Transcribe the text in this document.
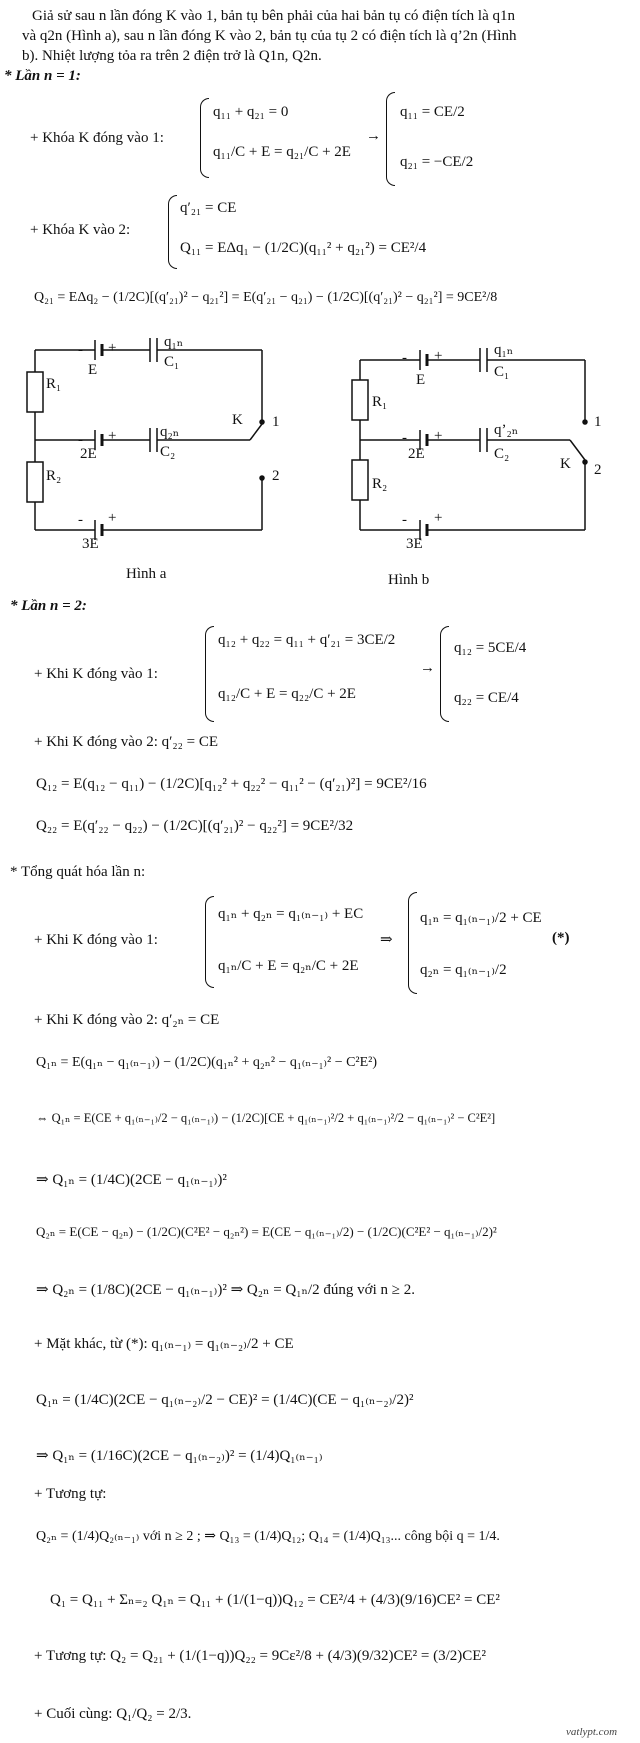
Giả sử sau n lần đóng K vào 1, bản tụ bên phải của hai bản tụ có điện tích là q1n
và q2n (Hình a), sau n lần đóng K vào 2, bản tụ của tụ 2 có điện tích là q’2n (Hình
b). Nhiệt lượng tỏa ra trên 2 điện trở là Q1n, Q2n.
* Lần n = 1:
+ Khóa K đóng vào 1:
q₁₁ + q₂₁ = 0
q₁₁/C + E = q₂₁/C + 2E
→
q₁₁ = CE/2
q₂₁ = −CE/2
+ Khóa K vào 2:
q′₂₁ = CE
Q₁₁ = EΔq₁ − (1/2C)(q₁₁² + q₂₁²) = CE²/4
Q₂₁ = EΔq₂ − (1/2C)[(q′₂₁)² − q₂₁²] = E(q′₂₁ − q₂₁) − (1/2C)[(q′₂₁)² − q₂₁²] = 9CE²/8
- +	q₁ₙ
C₁
E
R₁
- +	q₂ₙ
C₂
2E
K 1
2
R₂
- +
3E
Hình a
- +	q₁ₙ
C₁
E
R₁
1
- +	q’₂ₙ
C₂
2E
K 2
R₂
- +
3E
Hình b
* Lần n = 2:
+ Khi K đóng vào 1:
q₁₂ + q₂₂ = q₁₁ + q′₂₁ = 3CE/2
q₁₂/C + E = q₂₂/C + 2E
→
q₁₂ = 5CE/4
q₂₂ = CE/4
+ Khi K đóng vào 2: q′₂₂ = CE
Q₁₂ = E(q₁₂ − q₁₁) − (1/2C)[q₁₂² + q₂₂² − q₁₁² − (q′₂₁)²] = 9CE²/16
Q₂₂ = E(q′₂₂ − q₂₂) − (1/2C)[(q′₂₁)² − q₂₂²] = 9CE²/32
* Tổng quát hóa lần n:
+ Khi K đóng vào 1:
q₁ₙ + q₂ₙ = q₁₍ₙ₋₁₎ + EC
q₁ₙ/C + E = q₂ₙ/C + 2E
⇒
q₁ₙ = q₁₍ₙ₋₁₎/2 + CE
q₂ₙ = q₁₍ₙ₋₁₎/2
(*)
+ Khi K đóng vào 2: q′₂ₙ = CE
Q₁ₙ = E(q₁ₙ − q₁₍ₙ₋₁₎) − (1/2C)(q₁ₙ² + q₂ₙ² − q₁₍ₙ₋₁₎² − C²E²)
⇔ Q₁ₙ = E(CE + q₁₍ₙ₋₁₎/2 − q₁₍ₙ₋₁₎) − (1/2C)[CE + q₁₍ₙ₋₁₎²/2 + q₁₍ₙ₋₁₎²/2 − q₁₍ₙ₋₁₎² − C²E²]
⇒ Q₁ₙ = (1/4C)(2CE − q₁₍ₙ₋₁₎)²
Q₂ₙ = E(CE − q₂ₙ) − (1/2C)(C²E² − q₂ₙ²) = E(CE − q₁₍ₙ₋₁₎/2) − (1/2C)(C²E² − q₁₍ₙ₋₁₎/2)²
⇒ Q₂ₙ = (1/8C)(2CE − q₁₍ₙ₋₁₎)² ⇒ Q₂ₙ = Q₁ₙ/2 đúng với n ≥ 2.
+ Mặt khác, từ (*): q₁₍ₙ₋₁₎ = q₁₍ₙ₋₂₎/2 + CE
Q₁ₙ = (1/4C)(2CE − q₁₍ₙ₋₂₎/2 − CE)² = (1/4C)(CE − q₁₍ₙ₋₂₎/2)²
⇒ Q₁ₙ = (1/16C)(2CE − q₁₍ₙ₋₂₎)² = (1/4)Q₁₍ₙ₋₁₎
+ Tương tự:
Q₂ₙ = (1/4)Q₂₍ₙ₋₁₎ với n ≥ 2 ; ⇒ Q₁₃ = (1/4)Q₁₂; Q₁₄ = (1/4)Q₁₃... công bội q = 1/4.
Q₁ = Q₁₁ + Σₙ₌₂ Q₁ₙ = Q₁₁ + (1/(1−q))Q₁₂ = CE²/4 + (4/3)(9/16)CE² = CE²
+ Tương tự: Q₂ = Q₂₁ + (1/(1−q))Q₂₂ = 9Cε²/8 + (4/3)(9/32)CE² = (3/2)CE²
+ Cuối cùng: Q₁/Q₂ = 2/3.
vatlypt.com
